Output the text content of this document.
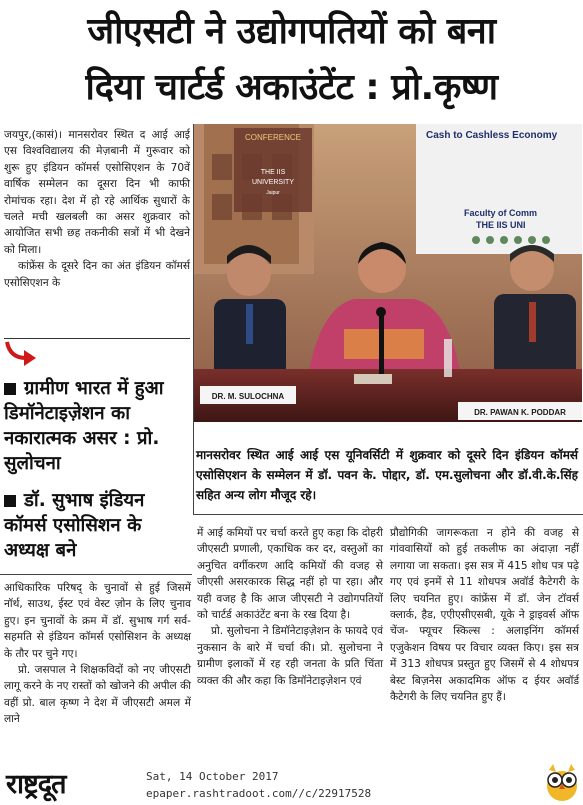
जीएसटी ने उद्योगपतियों को बना
दिया चार्टर्ड अकाउंटेंट : प्रो.कृष्ण

जयपुर,(कासं)। मानसरोवर स्थित द आई आई एस विश्वविद्यालय की मेज़बानी में गुरूवार को शुरू हुए इंडियन कॉमर्स एसोसिएशन के 70वें वार्षिक सम्मेलन का दूसरा दिन भी काफी रोमांचक रहा। देश में हो रहे आर्थिक सुधारों के चलते मची खलबली का असर शुक्रवार को आयोजित सभी छह तकनीकी सत्रों में भी देखने को मिला।

कांफ्रेंस के दूसरे दिन का अंत इंडियन कॉमर्स एसोसिएशन के

ग्रामीण भारत में हुआ डिमॉनेटाइज़ेशन का नकारात्मक असर : प्रो. सुलोचना
डॉ. सुभाष इंडियन कॉमर्स एसोसिशन के अध्यक्ष बने
CONFERENCE
THE IIS
UNIVERSITY
Jaipur
Cash to Cashless Economy
Faculty of Comm
THE IIS UNI
DR. M. SULOCHNA
DR. PAWAN K. PODDAR
मानसरोवर स्थित आई आई एस यूनिवर्सिटी में शुक्रवार को दूसरे दिन इंडियन कॉमर्स एसोसिएशन के सम्मेलन में डॉ. पवन के. पोद्दार, डॉ. एम.सुलोचना और डॉ.वी.के.सिंह सहित अन्य लोग मौजूद रहे।

आधिकारिक परिषद् के चुनावों से हुई जिसमें नॉर्थ, साउथ, ईस्ट एवं वेस्ट ज़ोन के लिए चुनाव हुए। इन चुनावों के क्रम में डॉ. सुभाष गर्ग सर्व-सहमति से इंडियन कॉमर्स एसोसिशन के अध्यक्ष के तौर पर चुने गए।

प्रो. जसपाल ने शिक्षकविदों को नए जीएसटी लागू करने के नए रास्तों को खोजने की अपील की वहीं प्रो. बाल कृष्ण ने देश में जीएसटी अमल में लाने

में आई कमियों पर चर्चा करते हुए कहा कि दोहरी जीएसटी प्रणाली, एकाधिक कर दर, वस्तुओं का अनुचित वर्गीकरण आदि कमियों की वजह से जीएसी असरकारक सिद्ध नहीं हो पा रहा। और यही वजह है कि आज जीएसटी ने उद्योगपतियों को चार्टर्ड अकाउंटेंट बना के रख दिया है।

प्रो. सुलोचना ने डिमॉनेटाइज़ेशन के फायदे एवं नुकसान के बारे में चर्चा की। प्रो. सुलोचना ने ग्रामीण इलाकों में रह रही जनता के प्रति चिंता व्यक्त की और कहा कि डिमॉनेटाइज़ेशन एवं

प्रौद्योगिकी जागरूकता न होने की वजह से गांववासियों को हुई तकलीफ का अंदाज़ा नहीं लगाया जा सकता। इस सत्र में 415 शोध पत्र पढ़े गए एवं इनमें से 11 शोधपत्र अवॉर्ड कैटेगरी के लिए चयनित हुए। कांफ्रेंस में डॉ. जेन टॉवर्स क्लार्क, हैड, एएीएसीएसबी, यूके ने ड्राइवर्स ऑफ चेंज- फ्यूचर स्किल्स : अलाइनिंग कॉमर्स एजुकेशन विषय पर विचार व्यक्त किए। इस सत्र में 313 शोधपत्र प्रस्तुत हुए जिसमें से 4 शोधपत्र बेस्ट बिज़नेस अकादमिक ऑफ द ईयर अवॉर्ड कैटेगरी के लिए चयनित हुए हैं।

राष्ट्रदूत	Sat, 14 October 2017
epaper.rashtradoot.com//c/22917528
